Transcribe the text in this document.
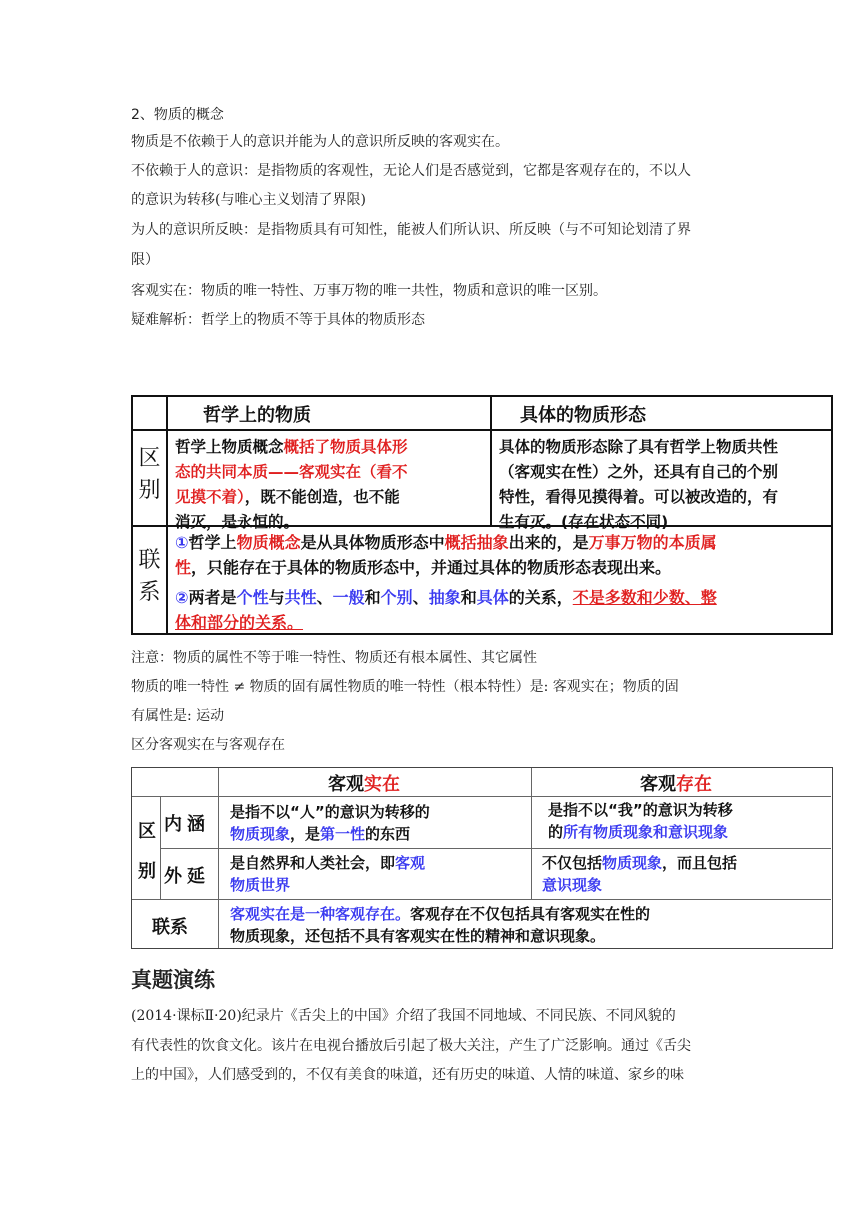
2、物质的概念
物质是不依赖于人的意识并能为人的意识所反映的客观实在。
不依赖于人的意识：是指物质的客观性，无论人们是否感觉到，它都是客观存在的，不以人
的意识为转移(与唯心主义划清了界限)
为人的意识所反映：是指物质具有可知性，能被人们所认识、所反映（与不可知论划清了界
限）
客观实在：物质的唯一特性、万事万物的唯一共性，物质和意识的唯一区别。
疑难解析：哲学上的物质不等于具体的物质形态
哲学上的物质	具体的物质形态
区
别
联
系
哲学上物质概念概括了物质具体形
态的共同本质——客观实在（看不
见摸不着），既不能创造，也不能
消灭，是永恒的。
具体的物质形态除了具有哲学上物质共性
（客观实在性）之外，还具有自己的个别
特性，看得见摸得着。可以被改造的，有
生有灭。(存在状态不同)
①哲学上物质概念是从具体物质形态中概括抽象出来的，是万事万物的本质属
性，只能存在于具体的物质形态中，并通过具体的物质形态表现出来。
②两者是个性与共性、一般和个别、抽象和具体的关系，不是多数和少数、整
体和部分的关系。
注意：物质的属性不等于唯一特性、物质还有根本属性、其它属性
物质的唯一特性 ≠ 物质的固有属性物质的唯一特性（根本特性）是: 客观实在；物质的固
有属性是: 运动
区分客观实在与客观存在
客观实在	客观存在
区
别
内涵
外延
联系
是指不以“人”的意识为转移的
物质现象，是第一性的东西
是指不以“我”的意识为转移
的所有物质现象和意识现象
是自然界和人类社会，即客观
物质世界
不仅包括物质现象，而且包括
意识现象
客观实在是一种客观存在。客观存在不仅包括具有客观实在性的
物质现象，还包括不具有客观实在性的精神和意识现象。
真题演练
(2014·课标Ⅱ·20)纪录片《舌尖上的中国》介绍了我国不同地域、不同民族、不同风貌的
有代表性的饮食文化。该片在电视台播放后引起了极大关注，产生了广泛影响。通过《舌尖
上的中国》，人们感受到的，不仅有美食的味道，还有历史的味道、人情的味道、家乡的味
